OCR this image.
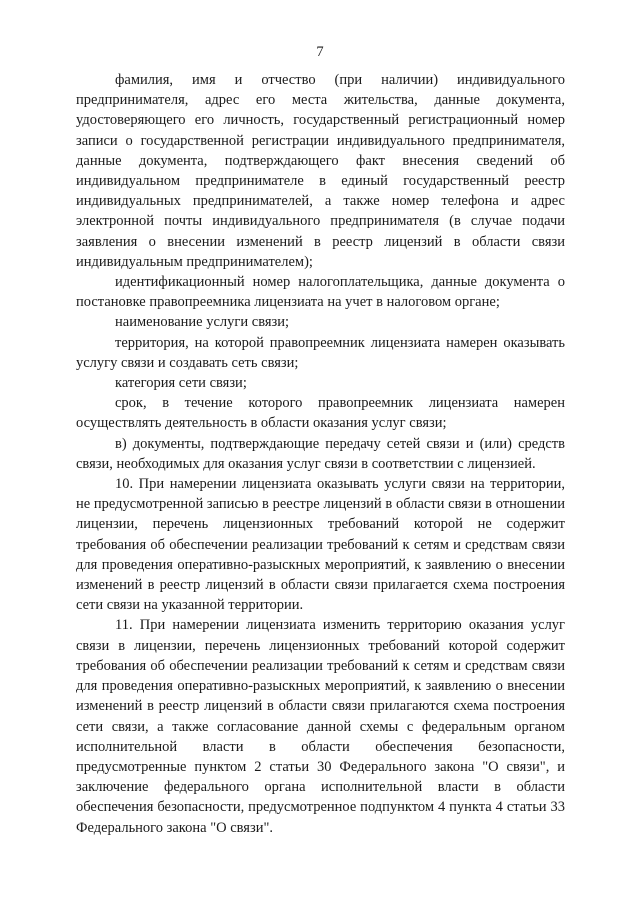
7

фамилия, имя и отчество (при наличии) индивидуального предпринимателя, адрес его места жительства, данные документа, удостоверяющего его личность, государственный регистрационный номер записи о государственной регистрации индивидуального предпринимателя, данные документа, подтверждающего факт внесения сведений об индивидуальном предпринимателе в единый государственный реестр индивидуальных предпринимателей, а также номер телефона и адрес электронной почты индивидуального предпринимателя (в случае подачи заявления о внесении изменений в реестр лицензий в области связи индивидуальным предпринимателем);

идентификационный номер налогоплательщика, данные документа о постановке правопреемника лицензиата на учет в налоговом органе;

наименование услуги связи;

территория, на которой правопреемник лицензиата намерен оказывать услугу связи и создавать сеть связи;

категория сети связи;

срок, в течение которого правопреемник лицензиата намерен осуществлять деятельность в области оказания услуг связи;

в) документы, подтверждающие передачу сетей связи и (или) средств связи, необходимых для оказания услуг связи в соответствии с лицензией.

10. При намерении лицензиата оказывать услуги связи на территории, не предусмотренной записью в реестре лицензий в области связи в отношении лицензии, перечень лицензионных требований которой не содержит требования об обеспечении реализации требований к сетям и средствам связи для проведения оперативно-разыскных мероприятий, к заявлению о внесении изменений в реестр лицензий в области связи прилагается схема построения сети связи на указанной территории.

11. При намерении лицензиата изменить территорию оказания услуг связи в лицензии, перечень лицензионных требований которой содержит требования об обеспечении реализации требований к сетям и средствам связи для проведения оперативно-разыскных мероприятий, к заявлению о внесении изменений в реестр лицензий в области связи прилагаются схема построения сети связи, а также согласование данной схемы с федеральным органом исполнительной власти в области обеспечения безопасности, предусмотренные пунктом 2 статьи 30 Федерального закона "О связи", и заключение федерального органа исполнительной власти в области обеспечения безопасности, предусмотренное подпунктом 4 пункта 4 статьи 33 Федерального закона "О связи".
